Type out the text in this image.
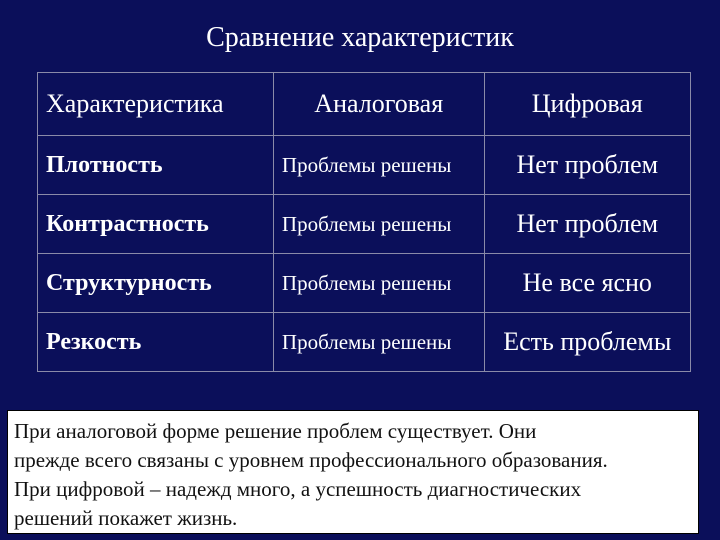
Сравнение характеристик
Характеристика	Аналоговая	Цифровая
Плотность	Проблемы решены	Нет проблем
Контрастность	Проблемы решены	Нет проблем
Структурность	Проблемы решены	Не все ясно
Резкость	Проблемы решены	Есть проблемы
При аналоговой форме решение проблем существует. Они
прежде всего связаны с уровнем профессионального образования.
При цифровой – надежд много, а успешность диагностических
решений покажет жизнь.
